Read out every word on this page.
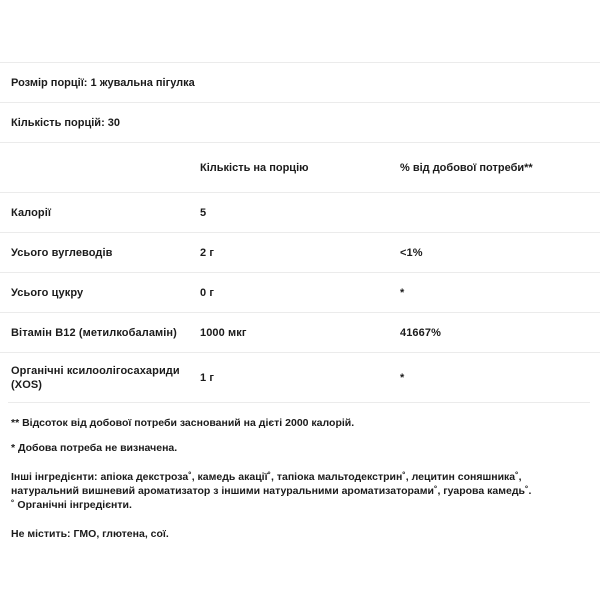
Розмір порції: 1 жувальна пігулка		

Кількість порцій: 30		

	Кількість на порцію	% від добової потреби**

Калорії	5	

Усього вуглеводів	2 г	<1%

Усього цукру	0 г	*

Вітамін B12 (метилкобаламін)	1000 мкг	41667%

Органічні ксилоолігосахариди (XOS)	1 г	*

** Відсоток від добової потреби заснований на дієті 2000 калорій.

* Добова потреба не визначена.

Інші інгредієнти: апіока декстроза˚, камедь акації˚, тапіока мальтодекстрин˚, лецитин соняшника˚, натуральний вишневий ароматизатор з іншими натуральними ароматизаторами˚, гуарова камедь˚.

˚ Органічні інгредієнти.

Не містить: ГМО, глютена, сої.
